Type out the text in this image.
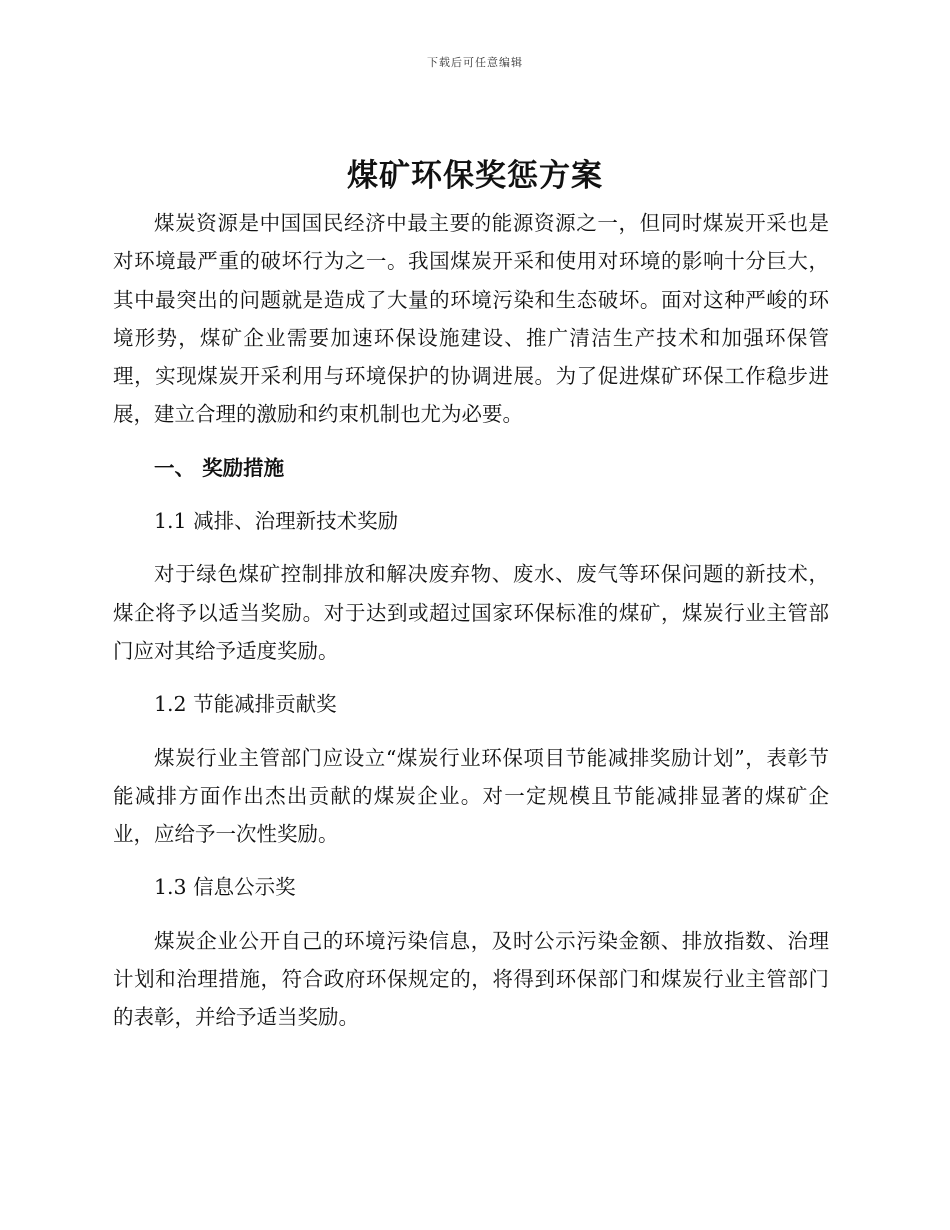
下载后可任意编辑
煤矿环保奖惩方案

煤炭资源是中国国民经济中最主要的能源资源之一，但同时煤炭开采也是对环境最严重的破坏行为之一。我国煤炭开采和使用对环境的影响十分巨大，其中最突出的问题就是造成了大量的环境污染和生态破坏。面对这种严峻的环境形势，煤矿企业需要加速环保设施建设、推广清洁生产技术和加强环保管理，实现煤炭开采利用与环境保护的协调进展。为了促进煤矿环保工作稳步进展，建立合理的激励和约束机制也尤为必要。

一、 奖励措施
1.1 减排、治理新技术奖励

对于绿色煤矿控制排放和解决废弃物、废水、废气等环保问题的新技术，煤企将予以适当奖励。对于达到或超过国家环保标准的煤矿，煤炭行业主管部门应对其给予适度奖励。

1.2 节能减排贡献奖

煤炭行业主管部门应设立“煤炭行业环保项目节能减排奖励计划”，表彰节能减排方面作出杰出贡献的煤炭企业。对一定规模且节能减排显著的煤矿企业，应给予一次性奖励。

1.3 信息公示奖

煤炭企业公开自己的环境污染信息，及时公示污染金额、排放指数、治理计划和治理措施，符合政府环保规定的，将得到环保部门和煤炭行业主管部门的表彰，并给予适当奖励。
